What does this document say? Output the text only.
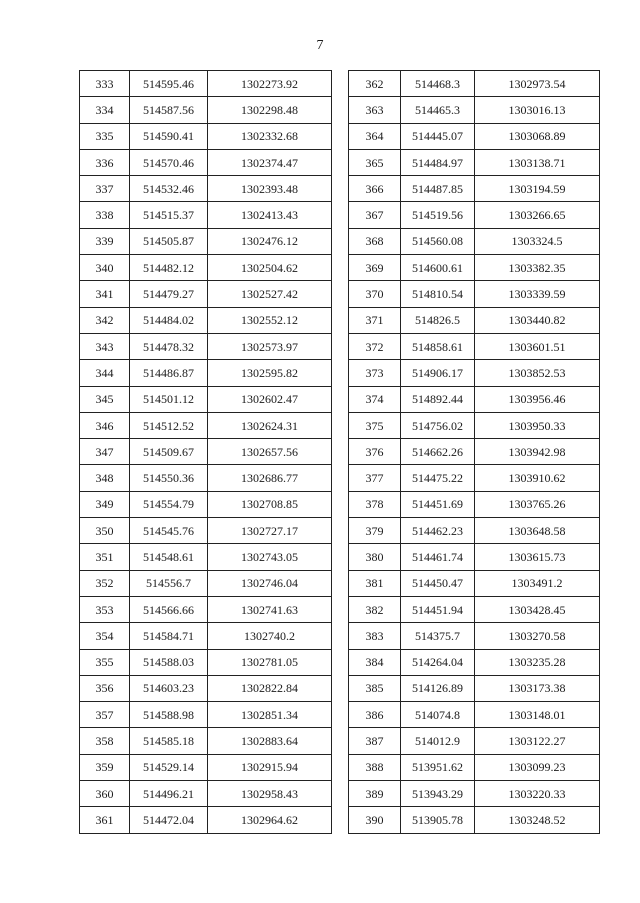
7
333	514595.46	1302273.92
334	514587.56	1302298.48
335	514590.41	1302332.68
336	514570.46	1302374.47
337	514532.46	1302393.48
338	514515.37	1302413.43
339	514505.87	1302476.12
340	514482.12	1302504.62
341	514479.27	1302527.42
342	514484.02	1302552.12
343	514478.32	1302573.97
344	514486.87	1302595.82
345	514501.12	1302602.47
346	514512.52	1302624.31
347	514509.67	1302657.56
348	514550.36	1302686.77
349	514554.79	1302708.85
350	514545.76	1302727.17
351	514548.61	1302743.05
352	514556.7	1302746.04
353	514566.66	1302741.63
354	514584.71	1302740.2
355	514588.03	1302781.05
356	514603.23	1302822.84
357	514588.98	1302851.34
358	514585.18	1302883.64
359	514529.14	1302915.94
360	514496.21	1302958.43
361	514472.04	1302964.62
362	514468.3	1302973.54
363	514465.3	1303016.13
364	514445.07	1303068.89
365	514484.97	1303138.71
366	514487.85	1303194.59
367	514519.56	1303266.65
368	514560.08	1303324.5
369	514600.61	1303382.35
370	514810.54	1303339.59
371	514826.5	1303440.82
372	514858.61	1303601.51
373	514906.17	1303852.53
374	514892.44	1303956.46
375	514756.02	1303950.33
376	514662.26	1303942.98
377	514475.22	1303910.62
378	514451.69	1303765.26
379	514462.23	1303648.58
380	514461.74	1303615.73
381	514450.47	1303491.2
382	514451.94	1303428.45
383	514375.7	1303270.58
384	514264.04	1303235.28
385	514126.89	1303173.38
386	514074.8	1303148.01
387	514012.9	1303122.27
388	513951.62	1303099.23
389	513943.29	1303220.33
390	513905.78	1303248.52
